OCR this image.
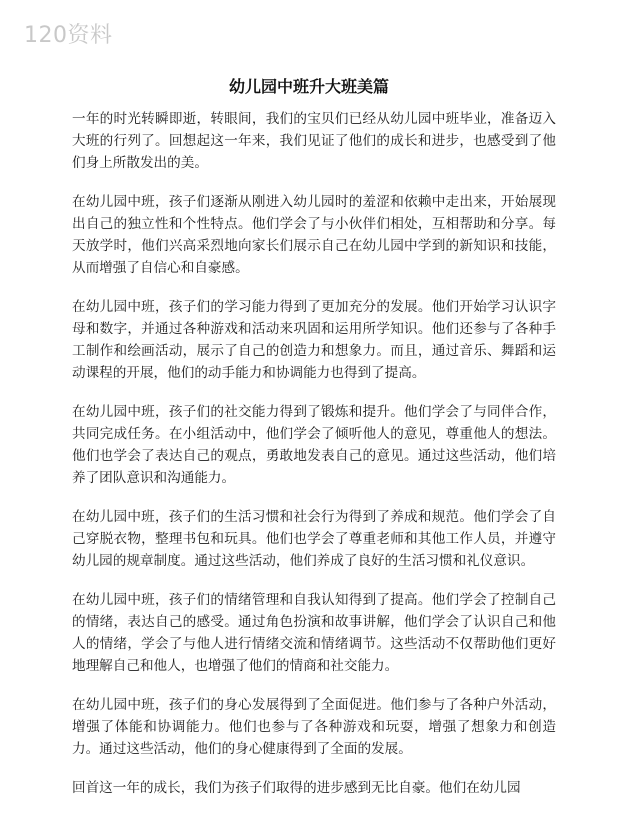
120资料
幼儿园中班升大班美篇

一年的时光转瞬即逝，转眼间，我们的宝贝们已经从幼儿园中班毕业，准备迈入大班的行列了。回想起这一年来，我们见证了他们的成长和进步，也感受到了他们身上所散发出的美。

在幼儿园中班，孩子们逐渐从刚进入幼儿园时的羞涩和依赖中走出来，开始展现出自己的独立性和个性特点。他们学会了与小伙伴们相处，互相帮助和分享。每天放学时，他们兴高采烈地向家长们展示自己在幼儿园中学到的新知识和技能，从而增强了自信心和自豪感。

在幼儿园中班，孩子们的学习能力得到了更加充分的发展。他们开始学习认识字母和数字，并通过各种游戏和活动来巩固和运用所学知识。他们还参与了各种手工制作和绘画活动，展示了自己的创造力和想象力。而且，通过音乐、舞蹈和运动课程的开展，他们的动手能力和协调能力也得到了提高。

在幼儿园中班，孩子们的社交能力得到了锻炼和提升。他们学会了与同伴合作，共同完成任务。在小组活动中，他们学会了倾听他人的意见，尊重他人的想法。他们也学会了表达自己的观点，勇敢地发表自己的意见。通过这些活动，他们培养了团队意识和沟通能力。

在幼儿园中班，孩子们的生活习惯和社会行为得到了养成和规范。他们学会了自己穿脱衣物，整理书包和玩具。他们也学会了尊重老师和其他工作人员，并遵守幼儿园的规章制度。通过这些活动，他们养成了良好的生活习惯和礼仪意识。

在幼儿园中班，孩子们的情绪管理和自我认知得到了提高。他们学会了控制自己的情绪，表达自己的感受。通过角色扮演和故事讲解，他们学会了认识自己和他人的情绪，学会了与他人进行情绪交流和情绪调节。这些活动不仅帮助他们更好地理解自己和他人，也增强了他们的情商和社交能力。

在幼儿园中班，孩子们的身心发展得到了全面促进。他们参与了各种户外活动，增强了体能和协调能力。他们也参与了各种游戏和玩耍，增强了想象力和创造力。通过这些活动，他们的身心健康得到了全面的发展。

回首这一年的成长，我们为孩子们取得的进步感到无比自豪。他们在幼儿园
